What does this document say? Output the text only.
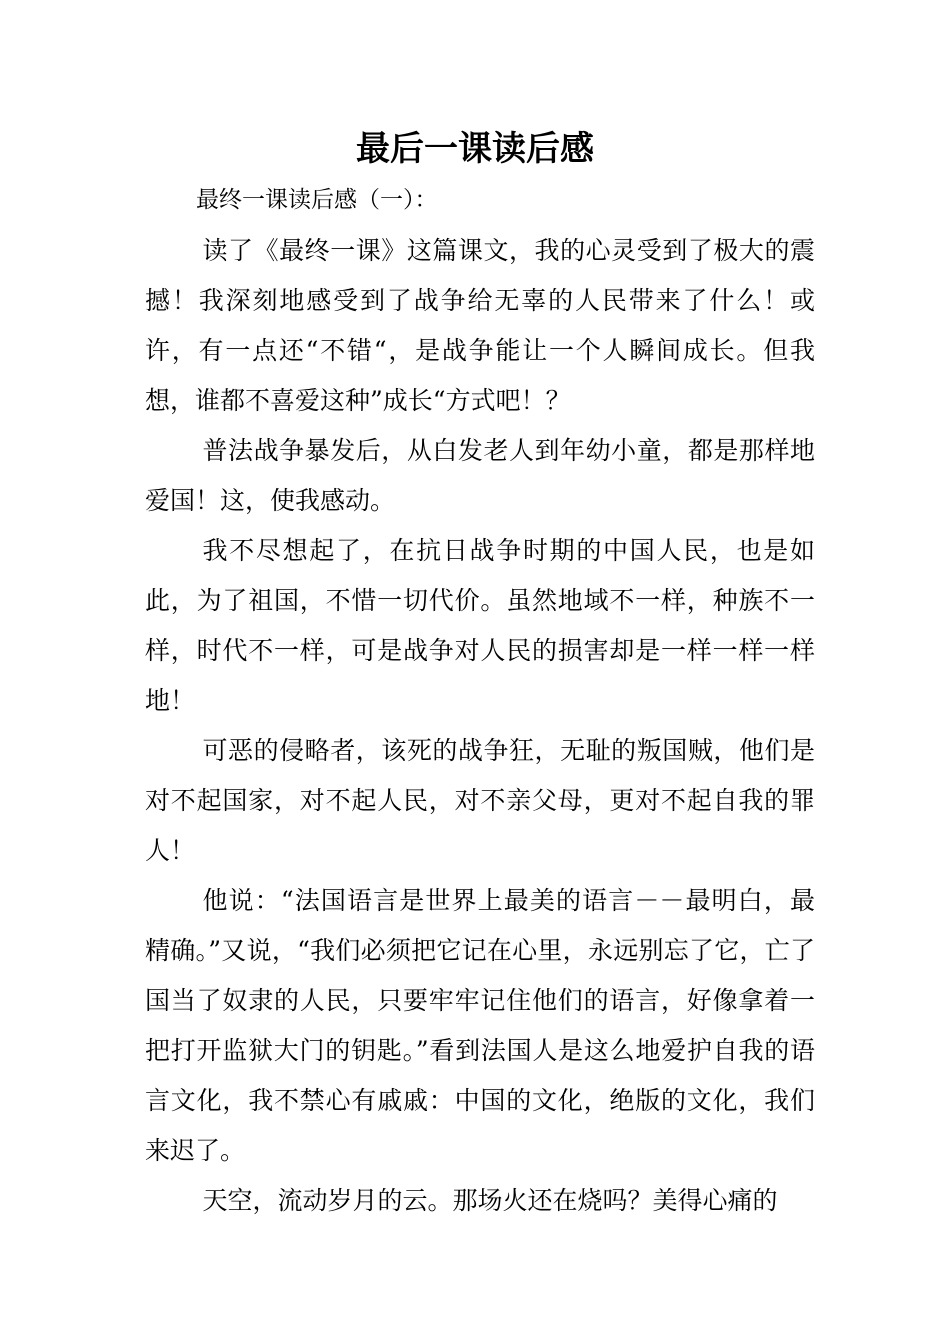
最后一课读后感

最终一课读后感（一）：

读了《最终一课》这篇课文，我的心灵受到了极大的震撼！我深刻地感受到了战争给无辜的人民带来了什么！或许，有一点还“不错“，是战争能让一个人瞬间成长。但我想，谁都不喜爱这种”成长“方式吧！？

普法战争暴发后，从白发老人到年幼小童，都是那样地爱国！这，使我感动。

我不尽想起了，在抗日战争时期的中国人民，也是如此，为了祖国，不惜一切代价。虽然地域不一样，种族不一样，时代不一样，可是战争对人民的损害却是一样一样一样地！

可恶的侵略者，该死的战争狂，无耻的叛国贼，他们是对不起国家，对不起人民，对不亲父母，更对不起自我的罪人！

他说：“法国语言是世界上最美的语言－－最明白，最精确。”又说，“我们必须把它记在心里，永远别忘了它，亡了国当了奴隶的人民，只要牢牢记住他们的语言，好像拿着一把打开监狱大门的钥匙。”看到法国人是这么地爱护自我的语言文化，我不禁心有戚戚：中国的文化，绝版的文化，我们来迟了。

天空，流动岁月的云。那场火还在烧吗？美得心痛的
